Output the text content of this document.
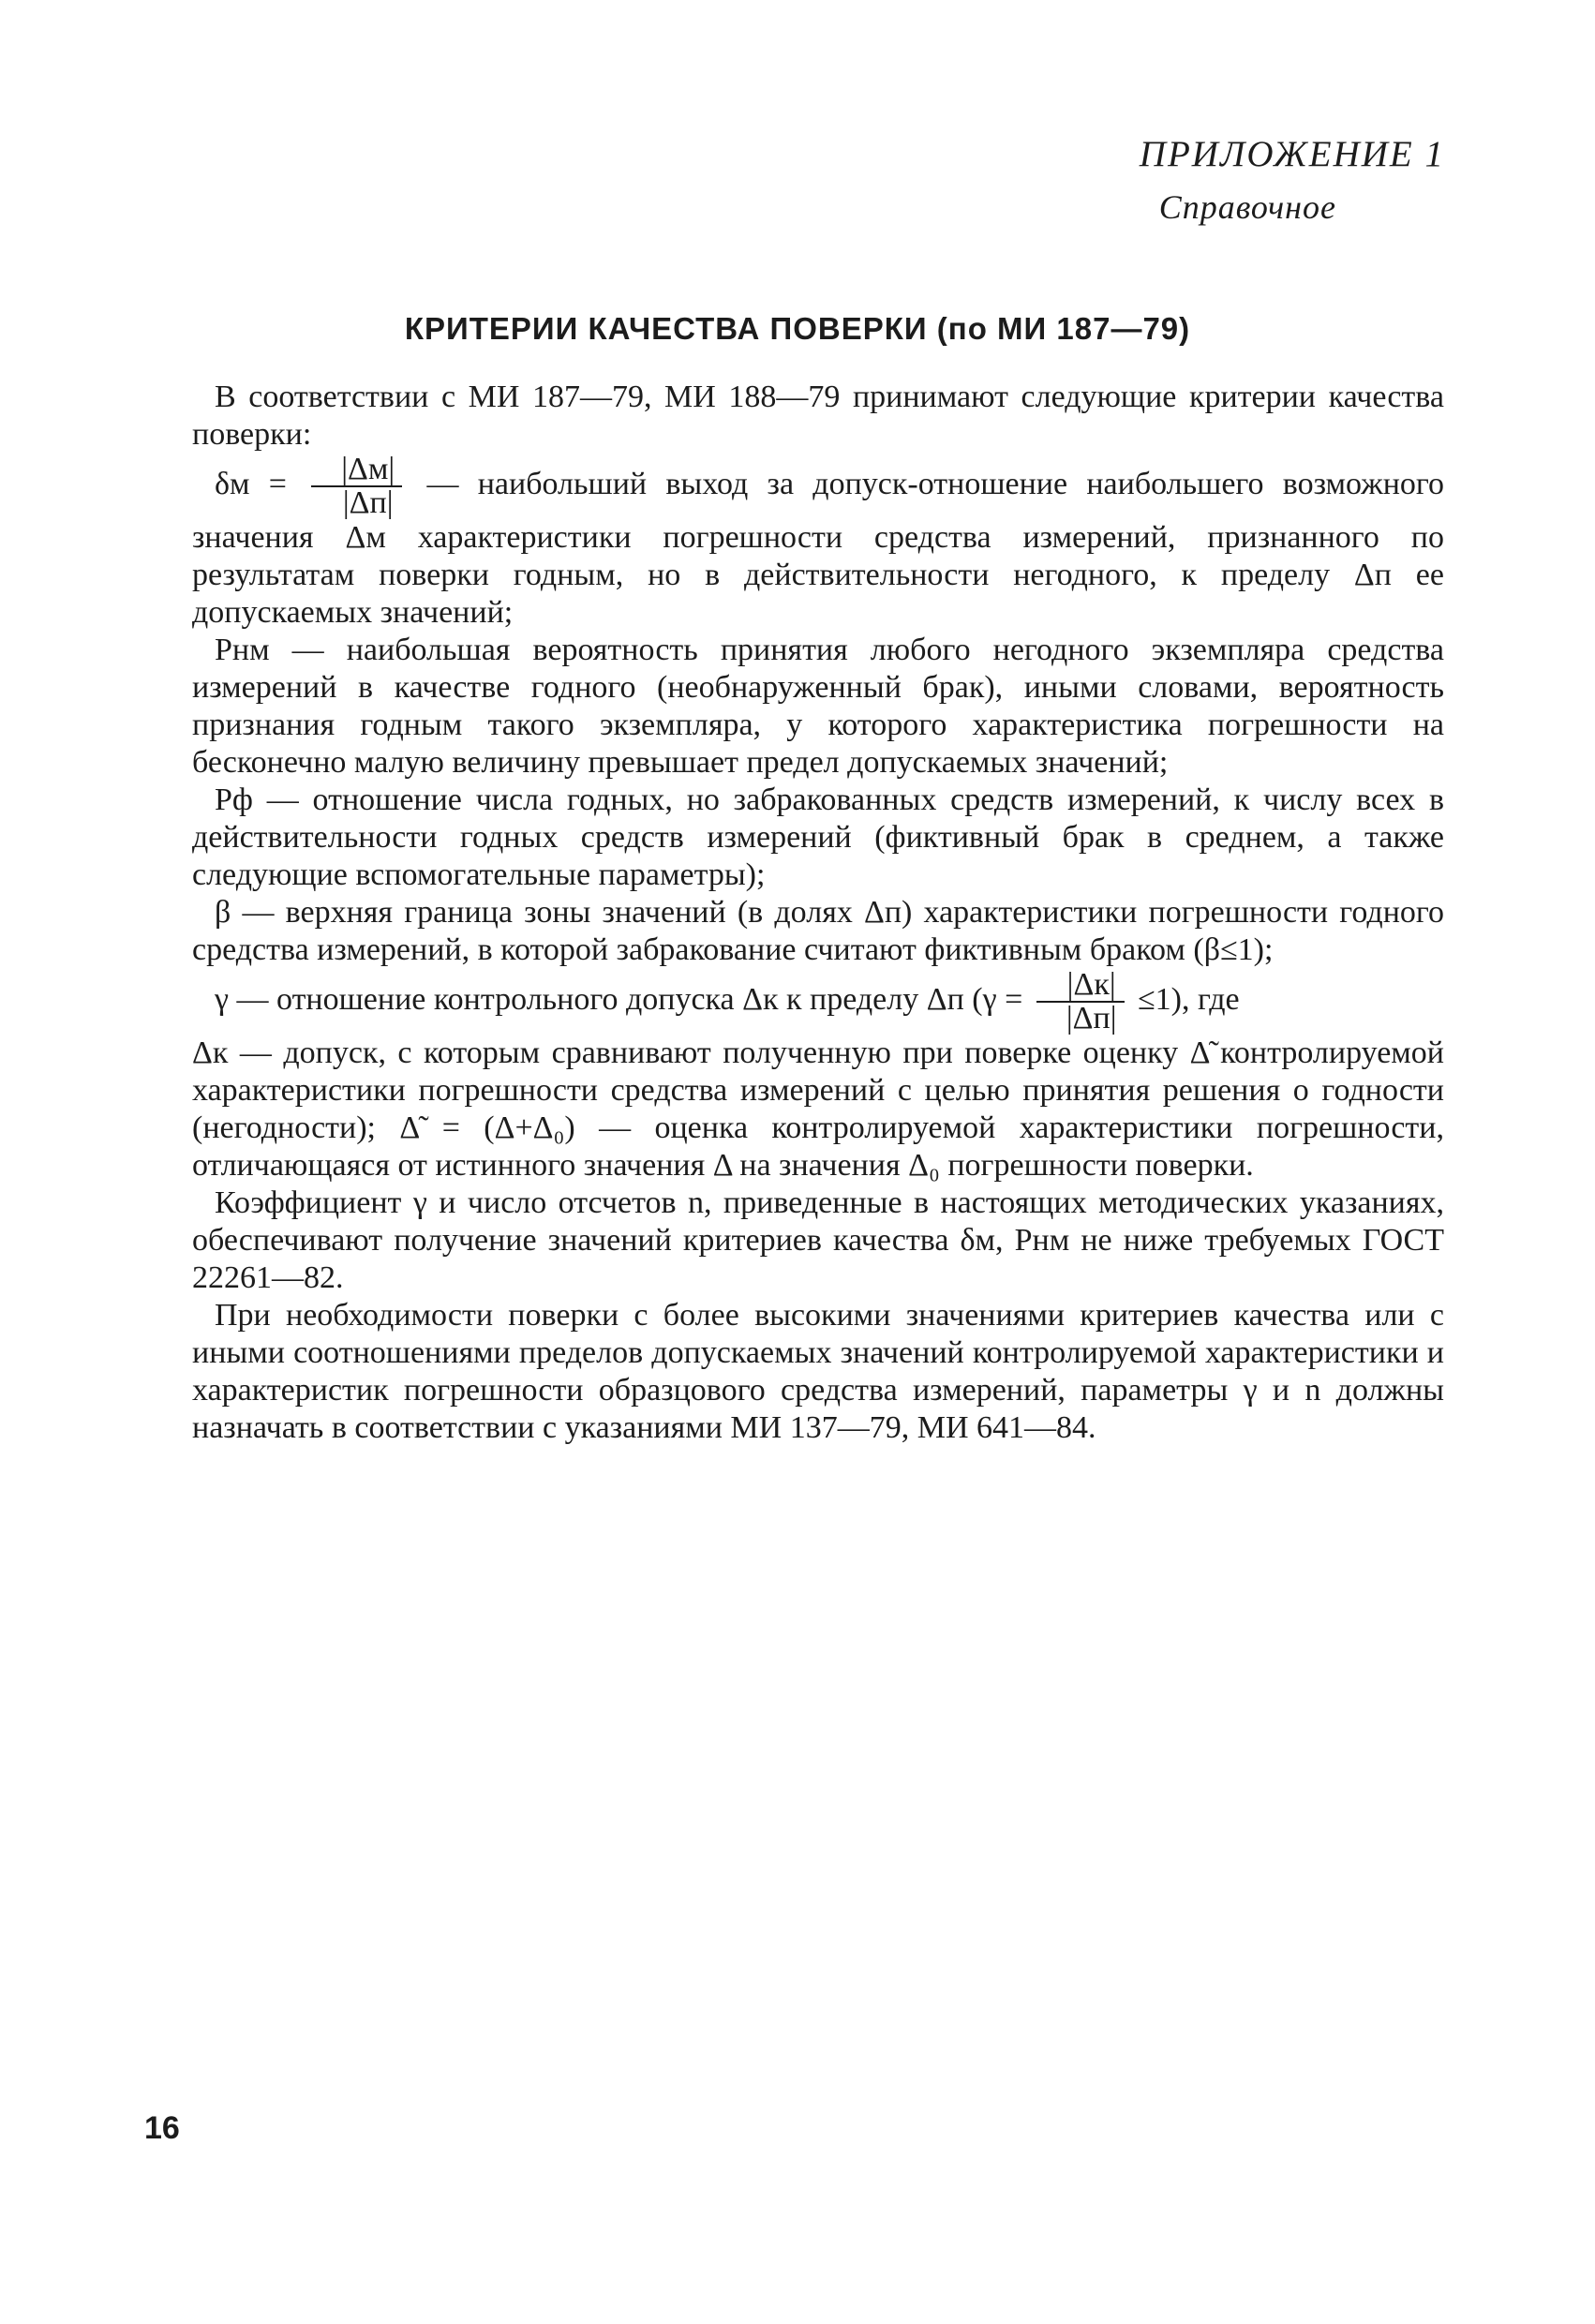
ПРИЛОЖЕНИЕ 1
Справочное
КРИТЕРИИ КАЧЕСТВА ПОВЕРКИ (по МИ 187—79)

В соответствии с МИ 187—79, МИ 188—79 принимают следующие критерии качества поверки:

$\delta м = \frac{|\Delta м|}{|\Delta п|}$ — наибольший выход за допуск-отношение наибольшего возможного значения Δм характеристики погрешности средства измерений, признанного по результатам поверки годным, но в действительности негодного, к пределу Δп ее допускаемых значений;

Рнм — наибольшая вероятность принятия любого негодного экземпляра средства измерений в качестве годного (необнаруженный брак), иными словами, вероятность признания годным такого экземпляра, у которого характеристика погрешности на бесконечно малую величину превышает предел допускаемых значений;

Рф — отношение числа годных, но забракованных средств измерений, к числу всех в действительности годных средств измерений (фиктивный брак в среднем, а также следующие вспомогательные параметры);

β — верхняя граница зоны значений (в долях Δп) характеристики погрешности годного средства измерений, в которой забракование считают фиктивным браком (β≤1);

γ — отношение контрольного допуска Δк к пределу Δп $(\gamma = \frac{|\Delta к|}{|\Delta п|} \le 1)$, где

Δк — допуск, с которым сравнивают полученную при поверке оценку Δ̃ контролируемой характеристики погрешности средства измерений с целью принятия решения о годности (негодности); Δ̃ = (Δ+Δ₀) — оценка контролируемой характеристики погрешности, отличающаяся от истинного значения Δ на значения Δ₀ погрешности поверки.

Коэффициент γ и число отсчетов n, приведенные в настоящих методических указаниях, обеспечивают получение значений критериев качества δм, Рнм не ниже требуемых ГОСТ 22261—82.

При необходимости поверки с более высокими значениями критериев качества или с иными соотношениями пределов допускаемых значений контролируемой характеристики и характеристик погрешности образцового средства измерений, параметры γ и n должны назначать в соответствии с указаниями МИ 137—79, МИ 641—84.

16
